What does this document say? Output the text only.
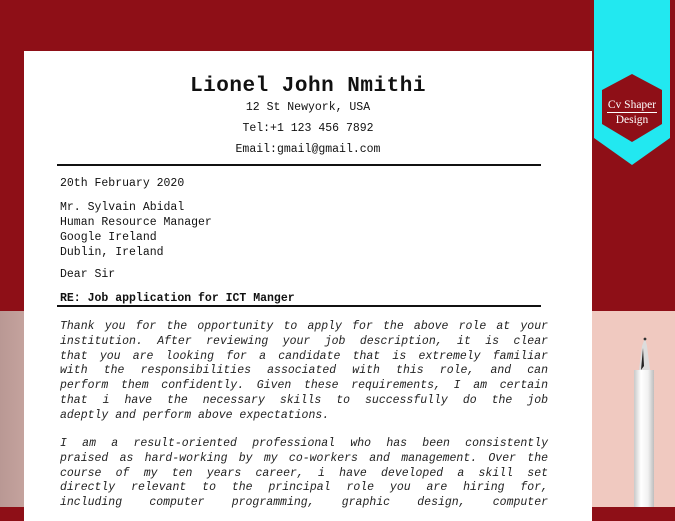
Cv Shaper
Design
Lionel John Nmithi
12 St Newyork, USA
Tel:+1 123 456 7892
Email:gmail@gmail.com
20th February 2020
Mr. Sylvain Abidal
Human Resource Manager
Google Ireland
Dublin, Ireland
Dear Sir
RE: Job application for ICT Manger
Thank you for the opportunity to apply for the above role at your
institution. After reviewing your job description, it is clear
that you are looking for a candidate that is extremely familiar
with the responsibilities associated with this role, and can
perform them confidently. Given these requirements, I am certain
that i have the necessary skills to successfully do the job
adeptly and perform above expectations.
I am a result-oriented professional who has been consistently
praised as hard-working by my co-workers and management. Over the
course of my ten years career, i have developed a skill set
directly relevant to the principal role you are hiring for,
including computer programming, graphic design, computer
